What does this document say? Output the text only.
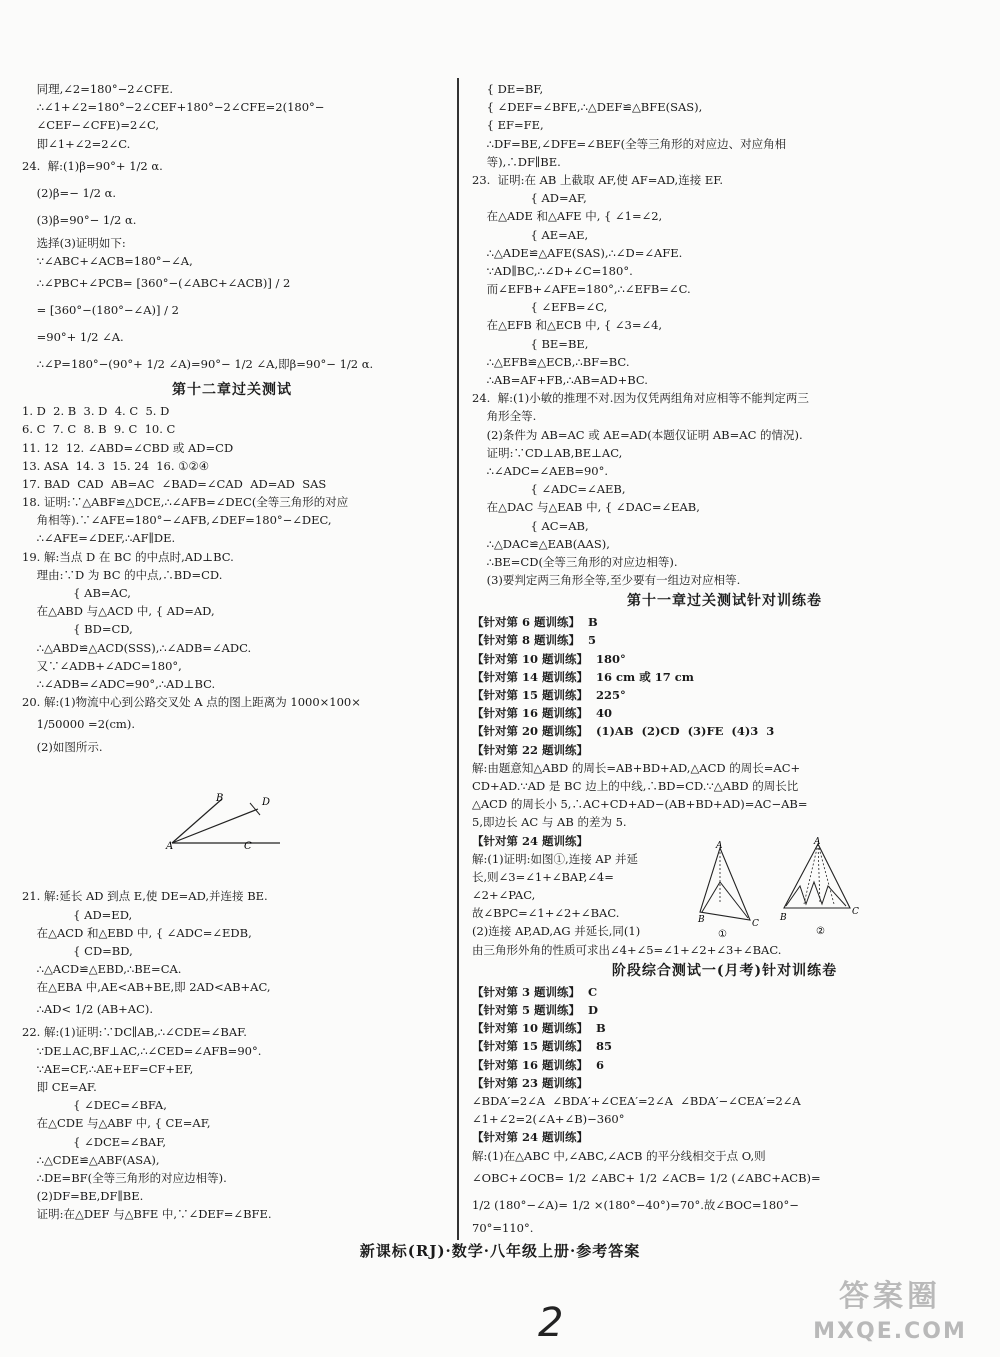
同理,∠2=180°−2∠CFE.
∴∠1+∠2=180°−2∠CEF+180°−2∠CFE=2(180°−
∠CEF−∠CFE)=2∠C,
即∠1+∠2=2∠C.
24.  解:(1)β=90°+ 1/2 α.
(2)β=− 1/2 α.
(3)β=90°− 1/2 α.
选择(3)证明如下:
∵∠ABC+∠ACB=180°−∠A,
∴∠PBC+∠PCB= [360°−(∠ABC+∠ACB)] / 2
= [360°−(180°−∠A)] / 2
=90°+ 1/2 ∠A.
∴∠P=180°−(90°+ 1/2 ∠A)=90°− 1/2 ∠A,即β=90°− 1/2 α.
第十二章过关测试
1. D  2. B  3. D  4. C  5. D
6. C  7. C  8. B  9. C  10. C
11. 12  12. ∠ABD=∠CBD 或 AD=CD
13. ASA  14. 3  15. 24  16. ①②④
17. BAD  CAD  AB=AC  ∠BAD=∠CAD  AD=AD  SAS
18. 证明:∵△ABF≌△DCE,∴∠AFB=∠DEC(全等三角形的对应
角相等).∵∠AFE=180°−∠AFB,∠DEF=180°−∠DEC,
∴∠AFE=∠DEF,∴AF∥DE.
19. 解:当点 D 在 BC 的中点时,AD⊥BC.
理由:∵D 为 BC 的中点,∴BD=CD.
{ AB=AC,
在△ABD 与△ACD 中, { AD=AD,
{ BD=CD,
∴△ABD≌△ACD(SSS),∴∠ADB=∠ADC.
又∵∠ADB+∠ADC=180°,
∴∠ADB=∠ADC=90°,∴AD⊥BC.
20. 解:(1)物流中心到公路交叉处 A 点的图上距离为 1000×100×
1/50000 =2(cm).
(2)如图所示.

A
B
C
D

21. 解:延长 AD 到点 E,使 DE=AD,并连接 BE.
{ AD=ED,
在△ACD 和△EBD 中, { ∠ADC=∠EDB,
{ CD=BD,
∴△ACD≌△EBD,∴BE=CA.
在△EBA 中,AE<AB+BE,即 2AD<AB+AC,
∴AD< 1/2 (AB+AC).
22. 解:(1)证明:∵DC∥AB,∴∠CDE=∠BAF.
∵DE⊥AC,BF⊥AC,∴∠CED=∠AFB=90°.
∵AE=CF,∴AE+EF=CF+EF,
即 CE=AF.
{ ∠DEC=∠BFA,
在△CDE 与△ABF 中, { CE=AF,
{ ∠DCE=∠BAF,
∴△CDE≌△ABF(ASA),
∴DE=BF(全等三角形的对应边相等).
(2)DF=BE,DF∥BE.
证明:在△DEF 与△BFE 中,∵∠DEF=∠BFE.
{ DE=BF,
{ ∠DEF=∠BFE,∴△DEF≌△BFE(SAS),
{ EF=FE,
∴DF=BE,∠DFE=∠BEF(全等三角形的对应边、对应角相
等),∴DF∥BE.
23.  证明:在 AB 上截取 AF,使 AF=AD,连接 EF.
{ AD=AF,
在△ADE 和△AFE 中, { ∠1=∠2,
{ AE=AE,
∴△ADE≌△AFE(SAS),∴∠D=∠AFE.
∵AD∥BC,∴∠D+∠C=180°.
而∠EFB+∠AFE=180°,∴∠EFB=∠C.
{ ∠EFB=∠C,
在△EFB 和△ECB 中, { ∠3=∠4,
{ BE=BE,
∴△EFB≌△ECB,∴BF=BC.
∴AB=AF+FB,∴AB=AD+BC.
24.  解:(1)小敏的推理不对.因为仅凭两组角对应相等不能判定两三
角形全等.
(2)条件为 AB=AC 或 AE=AD(本题仅证明 AB=AC 的情况).
证明:∵CD⊥AB,BE⊥AC,
∴∠ADC=∠AEB=90°.
{ ∠ADC=∠AEB,
在△DAC 与△EAB 中, { ∠DAC=∠EAB,
{ AC=AB,
∴△DAC≌△EAB(AAS),
∴BE=CD(全等三角形的对应边相等).
(3)要判定两三角形全等,至少要有一组边对应相等.
第十一章过关测试针对训练卷
【针对第 6 题训练】  B
【针对第 8 题训练】  5
【针对第 10 题训练】  180°
【针对第 14 题训练】  16 cm 或 17 cm
【针对第 15 题训练】  225°
【针对第 16 题训练】  40
【针对第 20 题训练】  (1)AB  (2)CD  (3)FE  (4)3  3
【针对第 22 题训练】
解:由题意知△ABD 的周长=AB+BD+AD,△ACD 的周长=AC+
CD+AD.∵AD 是 BC 边上的中线,∴BD=CD.∵△ABD 的周长比
△ACD 的周长小 5,∴AC+CD+AD−(AB+BD+AD)=AC−AB=
5,即边长 AC 与 AB 的差为 5.
【针对第 24 题训练】
解:(1)证明:如图①,连接 AP 并延
长,则∠3=∠1+∠BAP,∠4=
∠2+∠PAC,
故∠BPC=∠1+∠2+∠BAC.
(2)连接 AP,AD,AG 并延长,同(1)
由三角形外角的性质可求出∠4+∠5=∠1+∠2+∠3+∠BAC.
A
B	C
①
A
B
C
②
阶段综合测试一(月考)针对训练卷
【针对第 3 题训练】  C
【针对第 5 题训练】  D
【针对第 10 题训练】  B
【针对第 15 题训练】  85
【针对第 16 题训练】  6
【针对第 23 题训练】
∠BDA′=2∠A  ∠BDA′+∠CEA′=2∠A  ∠BDA′−∠CEA′=2∠A
∠1+∠2=2(∠A+∠B)−360°
【针对第 24 题训练】
解:(1)在△ABC 中,∠ABC,∠ACB 的平分线相交于点 O,则
∠OBC+∠OCB= 1/2 ∠ABC+ 1/2 ∠ACB= 1/2 (∠ABC+ACB)=
1/2 (180°−∠A)= 1/2 ×(180°−40°)=70°.故∠BOC=180°−
70°=110°.
新课标(RJ)·数学·八年级上册·参考答案
2
答案圈
MXQE.COM
